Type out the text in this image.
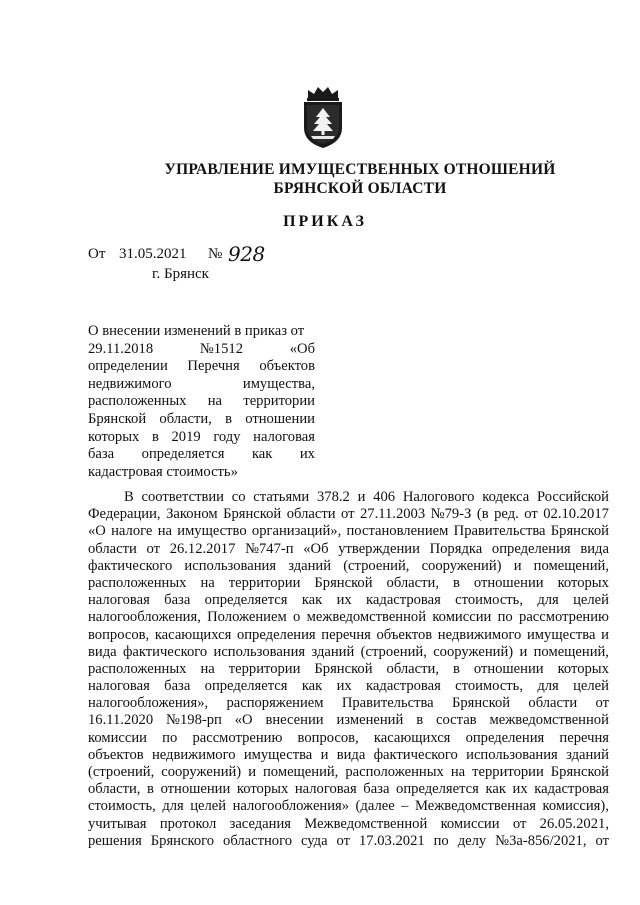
УПРАВЛЕНИЕ ИМУЩЕСТВЕННЫХ ОТНОШЕНИЙ
БРЯНСКОЙ ОБЛАСТИ
ПРИКАЗ
От 31.05.2021 № 928
г. Брянск
О внесении изменений в приказ от
29.11.2018	№1512	«Об
определении Перечня объектов
недвижимого	имущества,
расположенных на территории
Брянской области, в отношении
которых в 2019 году налоговая
база определяется как их
кадастровая стоимость»
В соответствии со статьями 378.2 и 406 Налогового кодекса Российской
Федерации, Законом Брянской области от 27.11.2003 №79-З (в ред. от 02.10.2017
«О налоге на имущество организаций», постановлением Правительства Брянской
области от 26.12.2017 №747-п «Об утверждении Порядка определения вида
фактического использования зданий (строений, сооружений) и помещений,
расположенных на территории Брянской области, в отношении которых
налоговая база определяется как их кадастровая стоимость, для целей
налогообложения, Положением о межведомственной комиссии по рассмотрению
вопросов, касающихся определения перечня объектов недвижимого имущества и
вида фактического использования зданий (строений, сооружений) и помещений,
расположенных на территории Брянской области, в отношении которых
налоговая база определяется как их кадастровая стоимость, для целей
налогообложения», распоряжением Правительства Брянской области от
16.11.2020 №198-рп «О внесении изменений в состав межведомственной
комиссии по рассмотрению вопросов, касающихся определения перечня
объектов недвижимого имущества и вида фактического использования зданий
(строений, сооружений) и помещений, расположенных на территории Брянской
области, в отношении которых налоговая база определяется как их кадастровая
стоимость, для целей налогообложения» (далее – Межведомственная комиссия),
учитывая протокол заседания Межведомственной комиссии от 26.05.2021,
решения Брянского областного суда от 17.03.2021 по делу №3а-856/2021, от
